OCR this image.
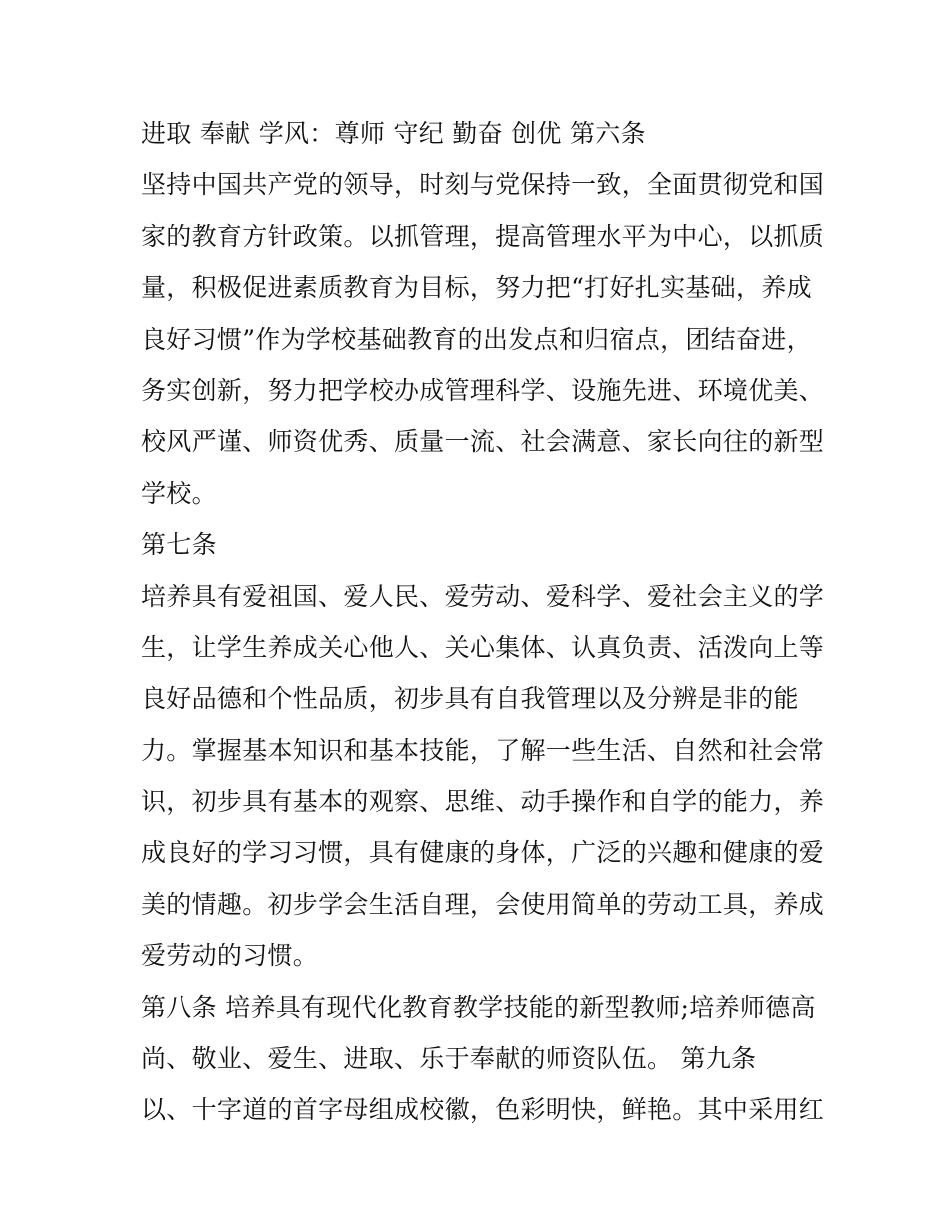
进取 奉献 学风：尊师 守纪 勤奋 创优 第六条
坚持中国共产党的领导，时刻与党保持一致，全面贯彻党和国
家的教育方针政策。以抓管理，提高管理水平为中心，以抓质
量，积极促进素质教育为目标，努力把“打好扎实基础，养成
良好习惯”作为学校基础教育的出发点和归宿点，团结奋进，
务实创新，努力把学校办成管理科学、设施先进、环境优美、
校风严谨、师资优秀、质量一流、社会满意、家长向往的新型
学校。
第七条
培养具有爱祖国、爱人民、爱劳动、爱科学、爱社会主义的学
生，让学生养成关心他人、关心集体、认真负责、活泼向上等
良好品德和个性品质，初步具有自我管理以及分辨是非的能
力。掌握基本知识和基本技能，了解一些生活、自然和社会常
识，初步具有基本的观察、思维、动手操作和自学的能力，养
成良好的学习习惯，具有健康的身体，广泛的兴趣和健康的爱
美的情趣。初步学会生活自理，会使用简单的劳动工具，养成
爱劳动的习惯。
第八条 培养具有现代化教育教学技能的新型教师;培养师德高
尚、敬业、爱生、进取、乐于奉献的师资队伍。 第九条
以、十字道的首字母组成校徽，色彩明快，鲜艳。其中采用红
